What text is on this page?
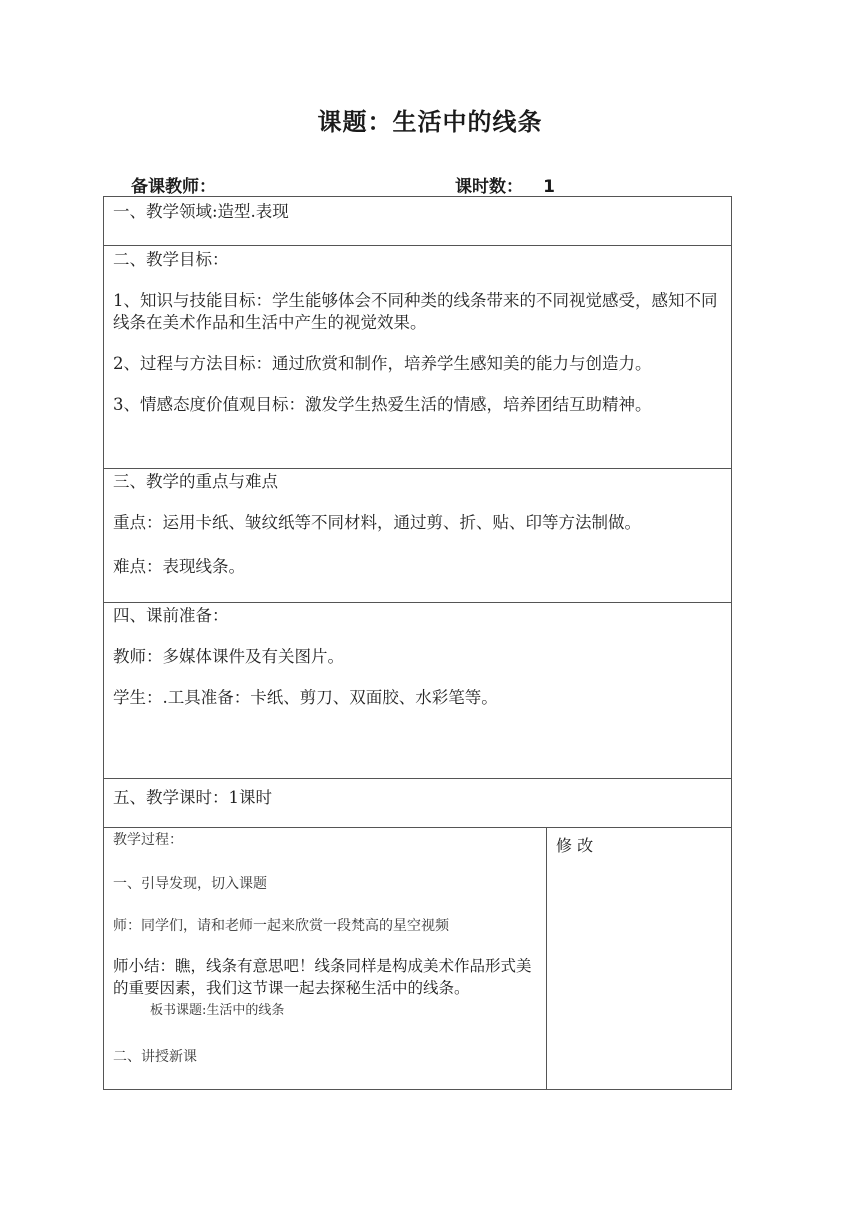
课题：生活中的线条
备课教师：	课时数： 1

一、教学领域:造型.表现

二、教学目标：

1、知识与技能目标：学生能够体会不同种类的线条带来的不同视觉感受，感知不同线条在美术作品和生活中产生的视觉效果。

2、过程与方法目标：通过欣赏和制作，培养学生感知美的能力与创造力。

3、情感态度价值观目标：激发学生热爱生活的情感，培养团结互助精神。

三、教学的重点与难点

重点：运用卡纸、皱纹纸等不同材料，通过剪、折、贴、印等方法制做。

难点：表现线条。

四、课前准备：

教师：多媒体课件及有关图片。

学生：.工具准备：卡纸、剪刀、双面胶、水彩笔等。

五、教学课时：1课时

教学过程：

一、引导发现，切入课题

师：同学们，请和老师一起来欣赏一段梵高的星空视频

师小结：瞧，线条有意思吧！线条同样是构成美术作品形式美的重要因素，我们这节课一起去探秘生活中的线条。

板书课题:生活中的线条

二、讲授新课

修 改
